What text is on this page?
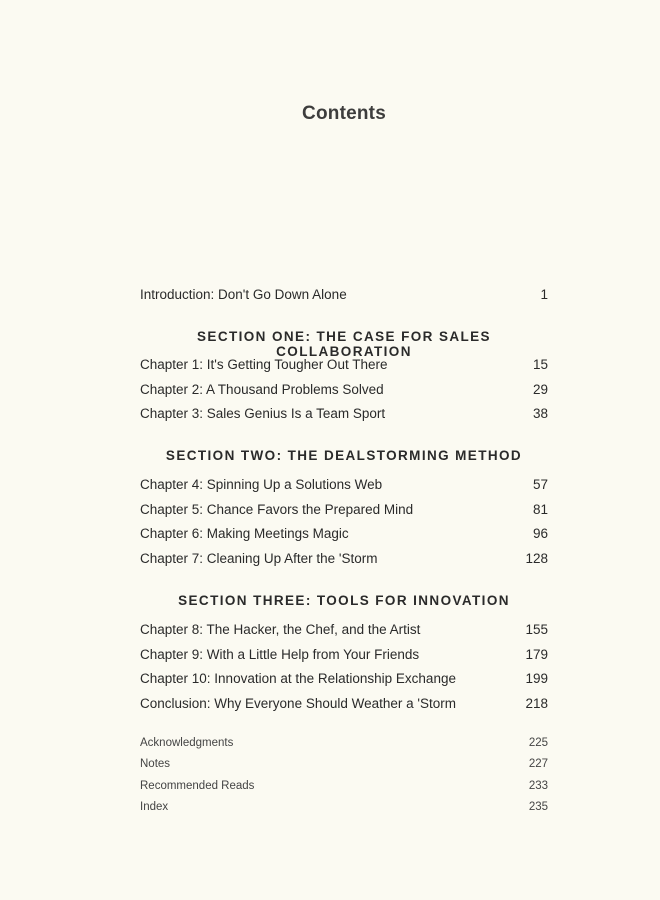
Contents
Introduction: Don't Go Down Alone	1
SECTION ONE: THE CASE FOR SALES COLLABORATION
Chapter 1: It's Getting Tougher Out There	15
Chapter 2: A Thousand Problems Solved	29
Chapter 3: Sales Genius Is a Team Sport	38
SECTION TWO: THE DEALSTORMING METHOD
Chapter 4: Spinning Up a Solutions Web	57
Chapter 5: Chance Favors the Prepared Mind	81
Chapter 6: Making Meetings Magic	96
Chapter 7: Cleaning Up After the 'Storm	128
SECTION THREE: TOOLS FOR INNOVATION
Chapter 8: The Hacker, the Chef, and the Artist	155
Chapter 9: With a Little Help from Your Friends	179
Chapter 10: Innovation at the Relationship Exchange	199
Conclusion: Why Everyone Should Weather a 'Storm	218
Acknowledgments	225
Notes	227
Recommended Reads	233
Index	235
